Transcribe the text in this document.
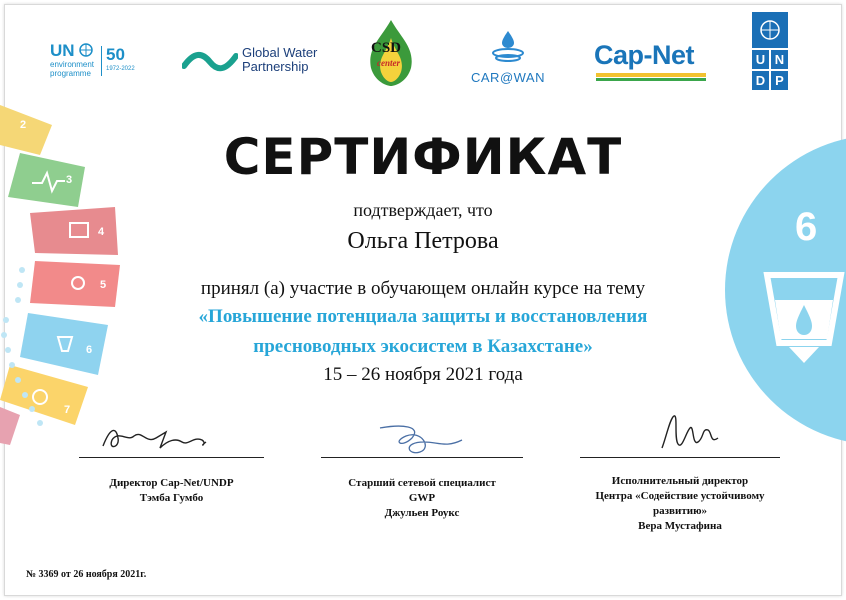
2
3
4
5
6
7
6
UN
environment
programme
50
1972-2022
Global Water
Partnership
CSD
center
CAR@WAN
Cap-Net	U N
D P
СЕРТИФИКАТ
подтверждает, что
Ольга Петрова
принял (а) участие в обучающем онлайн курсе на тему
«Повышение потенциала защиты и восстановления
пресноводных экосистем в Казахстане»
15 – 26 ноября 2021 года
Директор Cap-Net/UNDP
Тэмба Гумбо
Старший сетевой специалист
GWP
Джульен Роукс
Исполнительный директор
Центра «Содействие устойчивому
развитию»
Вера Мустафина
№ 3369 от 26 ноября 2021г.
